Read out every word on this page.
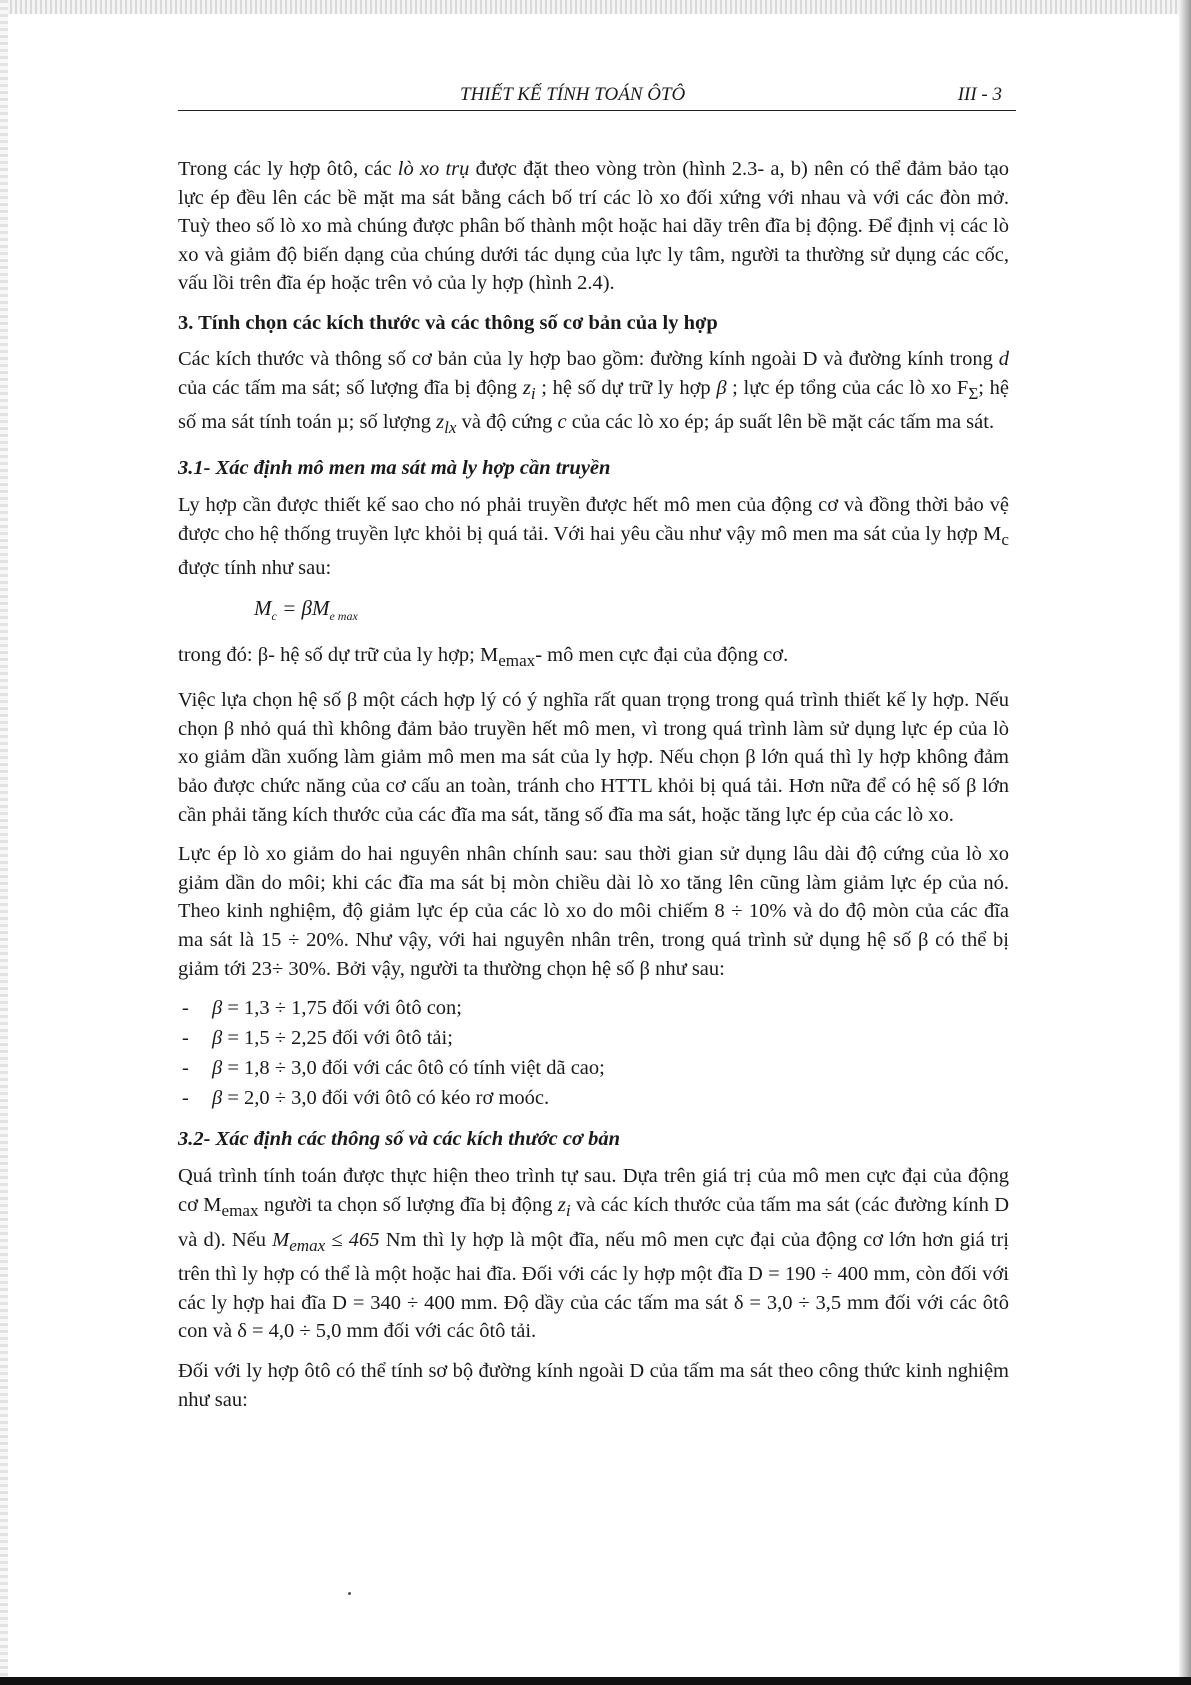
THIẾT KẾ TÍNH TOÁN ÔTÔ	III - 3

Trong các ly hợp ôtô, các lò xo trụ được đặt theo vòng tròn (hình 2.3- a, b) nên có thể đảm bảo tạo lực ép đều lên các bề mặt ma sát bằng cách bố trí các lò xo đối xứng với nhau và với các đòn mở. Tuỳ theo số lò xo mà chúng được phân bố thành một hoặc hai dãy trên đĩa bị động. Để định vị các lò xo và giảm độ biến dạng của chúng dưới tác dụng của lực ly tâm, người ta thường sử dụng các cốc, vấu lồi trên đĩa ép hoặc trên vỏ của ly hợp (hình 2.4).

3. Tính chọn các kích thước và các thông số cơ bản của ly hợp

Các kích thước và thông số cơ bản của ly hợp bao gồm: đường kính ngoài D và đường kính trong d của các tấm ma sát; số lượng đĩa bị động $z_i$ ; hệ số dự trữ ly hợp β ; lực ép tổng của các lò xo $F_\Sigma$; hệ số ma sát tính toán µ; số lượng $z_{lx}$ và độ cứng c của các lò xo ép; áp suất lên bề mặt các tấm ma sát.

3.1- Xác định mô men ma sát mà ly hợp cần truyền

Ly hợp cần được thiết kế sao cho nó phải truyền được hết mô men của động cơ và đồng thời bảo vệ được cho hệ thống truyền lực khỏi bị quá tải. Với hai yêu cầu như vậy mô men ma sát của ly hợp $M_c$ được tính như sau:

$M_c = \beta M_{e max}$

trong đó: β- hệ số dự trữ của ly hợp; $M_{emax}-$ mô men cực đại của động cơ.

Việc lựa chọn hệ số β một cách hợp lý có ý nghĩa rất quan trọng trong quá trình thiết kế ly hợp. Nếu chọn β nhỏ quá thì không đảm bảo truyền hết mô men, vì trong quá trình làm sử dụng lực ép của lò xo giảm dần xuống làm giảm mô men ma sát của ly hợp. Nếu chọn β lớn quá thì ly hợp không đảm bảo được chức năng của cơ cấu an toàn, tránh cho HTTL khỏi bị quá tải. Hơn nữa để có hệ số β lớn cần phải tăng kích thước của các đĩa ma sát, tăng số đĩa ma sát, hoặc tăng lực ép của các lò xo.

Lực ép lò xo giảm do hai nguyên nhân chính sau: sau thời gian sử dụng lâu dài độ cứng của lò xo giảm dần do môi; khi các đĩa ma sát bị mòn chiều dài lò xo tăng lên cũng làm giảm lực ép của nó. Theo kinh nghiệm, độ giảm lực ép của các lò xo do môi chiếm 8 ÷ 10% và do độ mòn của các đĩa ma sát là 15 ÷ 20%. Như vậy, với hai nguyên nhân trên, trong quá trình sử dụng hệ số β có thể bị giảm tới 23÷ 30%. Bởi vậy, người ta thường chọn hệ số β như sau:

- β = 1,3 ÷ 1,75 đối với ôtô con;
- β = 1,5 ÷ 2,25 đối với ôtô tải;
- β = 1,8 ÷ 3,0 đối với các ôtô có tính việt dã cao;
- β = 2,0 ÷ 3,0 đối với ôtô có kéo rơ moóc.
3.2- Xác định các thông số và các kích thước cơ bản

Quá trình tính toán được thực hiện theo trình tự sau. Dựa trên giá trị của mô men cực đại của động cơ $M_{emax}$ người ta chọn số lượng đĩa bị động $z_i$ và các kích thước của tấm ma sát (các đường kính D và d). Nếu $M_{emax} \le 465$ Nm thì ly hợp là một đĩa, nếu mô men cực đại của động cơ lớn hơn giá trị trên thì ly hợp có thể là một hoặc hai đĩa. Đối với các ly hợp một đĩa D = 190 ÷ 400 mm, còn đối với các ly hợp hai đĩa D = 340 ÷ 400 mm. Độ dầy của các tấm ma sát δ = 3,0 ÷ 3,5 mm đối với các ôtô con và δ = 4,0 ÷ 5,0 mm đối với các ôtô tải.

Đối với ly hợp ôtô có thể tính sơ bộ đường kính ngoài D của tấm ma sát theo công thức kinh nghiệm như sau:
